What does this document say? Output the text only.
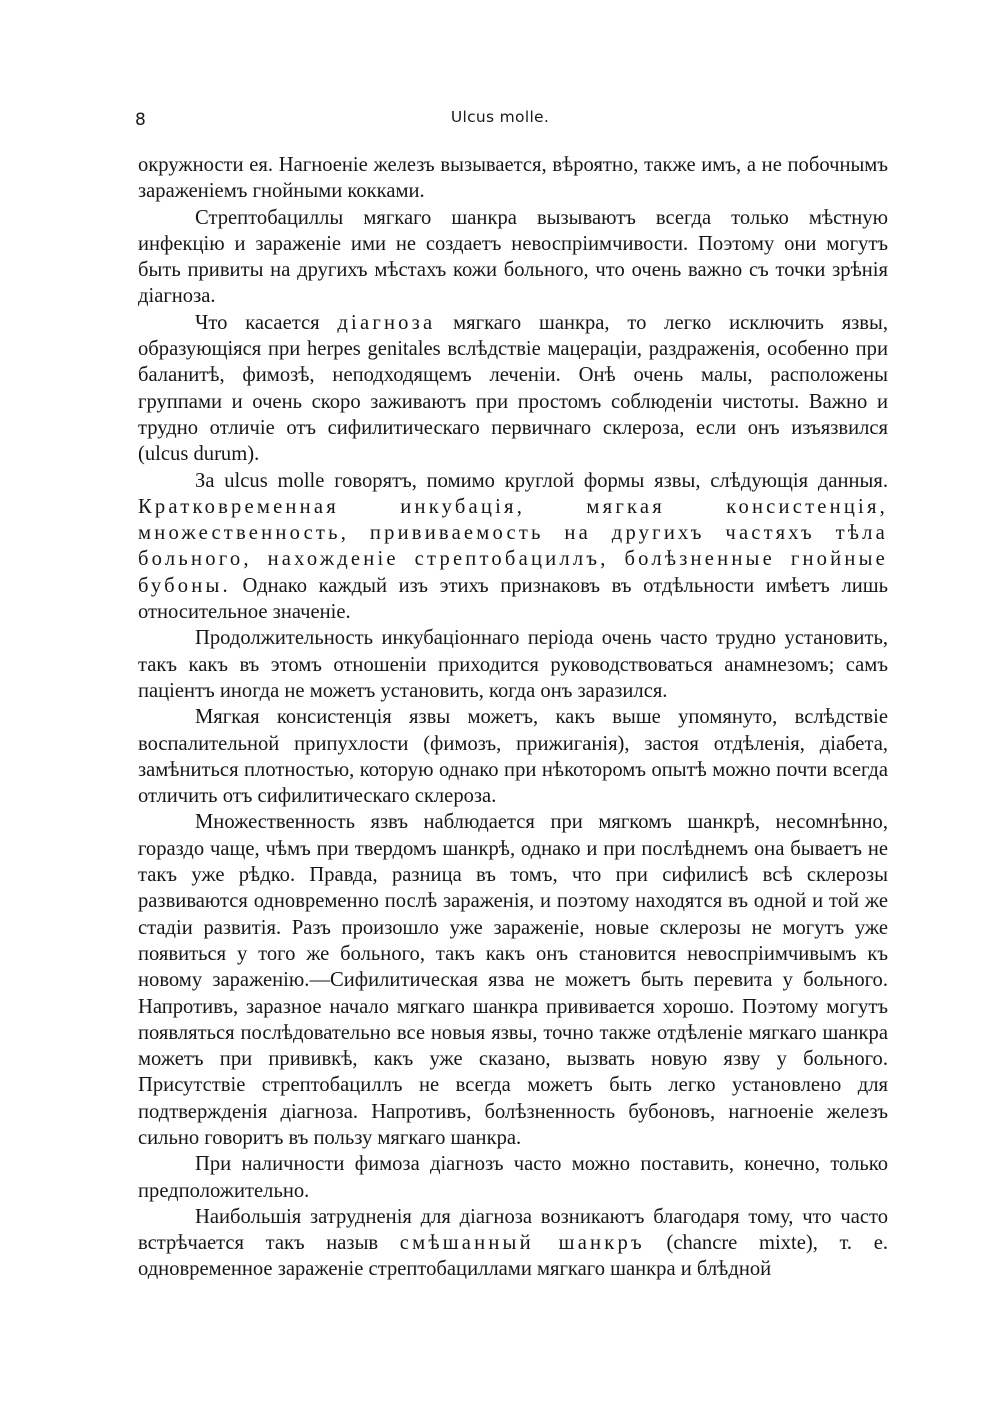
8	Ulcus molle.

окружности ея. Нагноеніе железъ вызывается, вѣроятно, также имъ, а не побочнымъ зараженіемъ гнойными кокками.

Стрептобациллы мягкаго шанкра вызываютъ всегда только мѣстную инфекцію и зараженіе ими не создаетъ невоспріимчивости. Поэтому они могутъ быть привиты на другихъ мѣстахъ кожи больного, что очень важно съ точки зрѣнія діагноза.

Что касается діагноза мягкаго шанкра, то легко исключить язвы, образующіяся при herpes genitales вслѣдствіе мацераціи, раздраженія, особенно при баланитѣ, фимозѣ, неподходящемъ леченіи. Онѣ очень малы, расположены группами и очень скоро заживаютъ при простомъ соблюденіи чистоты. Важно и трудно отличіе отъ сифилитическаго первичнаго склероза, если онъ изъязвился (ulcus durum).

За ulcus molle говорятъ, помимо круглой формы язвы, слѣдующія данныя. Кратковременная инкубація, мягкая консистенція, множественность, прививаемость на другихъ частяхъ тѣла больного, нахожденіе стрептобациллъ, болѣзненные гнойные бубоны. Однако каждый изъ этихъ признаковъ въ отдѣльности имѣетъ лишь относительное значеніе.

Продолжительность инкубаціоннаго періода очень часто трудно установить, такъ какъ въ этомъ отношеніи приходится руководствоваться анамнезомъ; самъ паціентъ иногда не можетъ установить, когда онъ заразился.

Мягкая консистенція язвы можетъ, какъ выше упомянуто, вслѣдствіе воспалительной припухлости (фимозъ, прижиганія), застоя отдѣленія, діабета, замѣниться плотностью, которую однако при нѣкоторомъ опытѣ можно почти всегда отличить отъ сифилитическаго склероза.

Множественность язвъ наблюдается при мягкомъ шанкрѣ, несомнѣнно, гораздо чаще, чѣмъ при твердомъ шанкрѣ, однако и при послѣднемъ она бываетъ не такъ уже рѣдко. Правда, разница въ томъ, что при сифилисѣ всѣ склерозы развиваются одновременно послѣ зараженія, и поэтому находятся въ одной и той же стадіи развитія. Разъ произошло уже зараженіе, новые склерозы не могутъ уже появиться у того же больного, такъ какъ онъ становится невоспріимчивымъ къ новому зараженію.—Сифилитическая язва не можетъ быть перевита у больного. Напротивъ, заразное начало мягкаго шанкра прививается хорошо. Поэтому могутъ появляться послѣдовательно все новыя язвы, точно также отдѣленіе мягкаго шанкра можетъ при прививкѣ, какъ уже сказано, вызвать новую язву у больного. Присутствіе стрептобациллъ не всегда можетъ быть легко установлено для подтвержденія діагноза. Напротивъ, болѣзненность бубоновъ, нагноеніе железъ сильно говоритъ въ пользу мягкаго шанкра.

При наличности фимоза діагнозъ часто можно поставить, конечно, только предположительно.

Наибольшія затрудненія для діагноза возникаютъ благодаря тому, что часто встрѣчается такъ назыв смѣшанный шанкръ (chancre mixte), т. е. одновременное зараженіе стрептобациллами мягкаго шанкра и блѣдной
